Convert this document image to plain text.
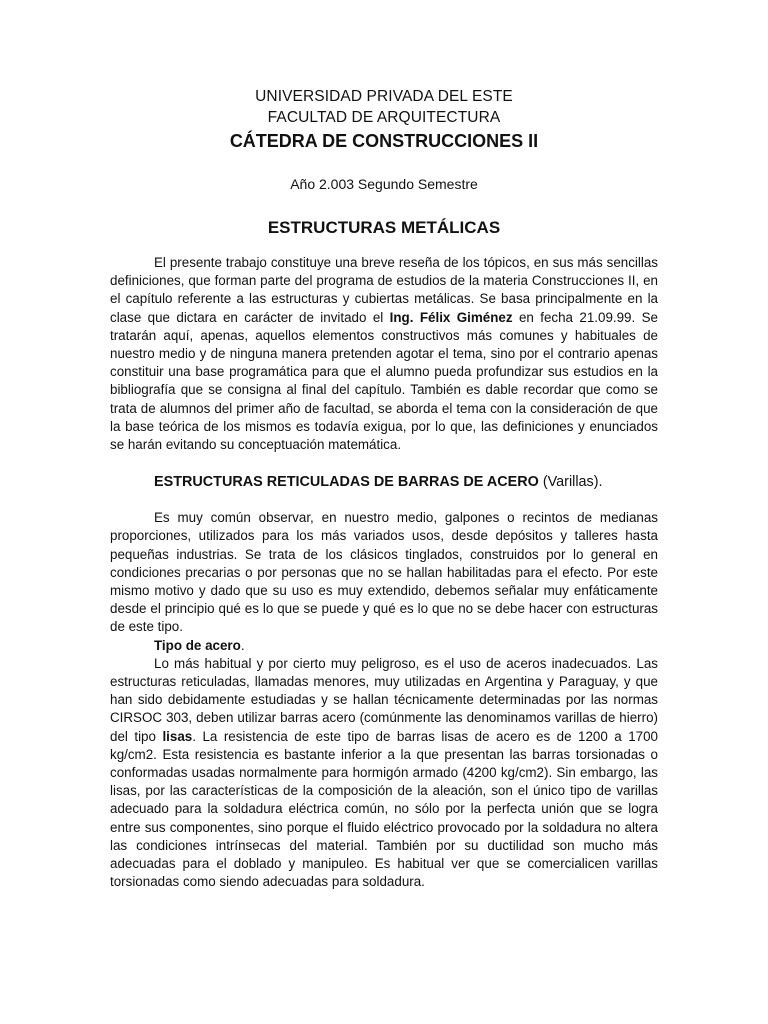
UNIVERSIDAD PRIVADA DEL ESTE
FACULTAD DE ARQUITECTURA
CÁTEDRA DE CONSTRUCCIONES II
Año 2.003 Segundo Semestre
ESTRUCTURAS METÁLICAS

El presente trabajo constituye una breve reseña de los tópicos, en sus más sencillas definiciones, que forman parte del programa de estudios de la materia Construcciones II, en el capítulo referente a las estructuras y cubiertas metálicas. Se basa principalmente en la clase que dictara en carácter de invitado el Ing. Félix Giménez en fecha 21.09.99. Se tratarán aquí, apenas, aquellos elementos constructivos más comunes y habituales de nuestro medio y de ninguna manera pretenden agotar el tema, sino por el contrario apenas constituir una base programática para que el alumno pueda profundizar sus estudios en la bibliografía que se consigna al final del capítulo. También es dable recordar que como se trata de alumnos del primer año de facultad, se aborda el tema con la consideración de que la base teórica de los mismos es todavía exigua, por lo que, las definiciones y enunciados se harán evitando su conceptuación matemática.

ESTRUCTURAS RETICULADAS DE BARRAS DE ACERO (Varillas).

Es muy común observar, en nuestro medio, galpones o recintos de medianas proporciones, utilizados para los más variados usos, desde depósitos y talleres hasta pequeñas industrias. Se trata de los clásicos tinglados, construidos por lo general en condiciones precarias o por personas que no se hallan habilitadas para el efecto. Por este mismo motivo y dado que su uso es muy extendido, debemos señalar muy enfáticamente desde el principio qué es lo que se puede y qué es lo que no se debe hacer con estructuras de este tipo.

Tipo de acero.

Lo más habitual y por cierto muy peligroso, es el uso de aceros inadecuados. Las estructuras reticuladas, llamadas menores, muy utilizadas en Argentina y Paraguay, y que han sido debidamente estudiadas y se hallan técnicamente determinadas por las normas CIRSOC 303, deben utilizar barras acero (comúnmente las denominamos varillas de hierro) del tipo lisas. La resistencia de este tipo de barras lisas de acero es de 1200 a 1700 kg/cm2. Esta resistencia es bastante inferior a la que presentan las barras torsionadas o conformadas usadas normalmente para hormigón armado (4200 kg/cm2). Sin embargo, las lisas, por las características de la composición de la aleación, son el único tipo de varillas adecuado para la soldadura eléctrica común, no sólo por la perfecta unión que se logra entre sus componentes, sino porque el fluido eléctrico provocado por la soldadura no altera las condiciones intrínsecas del material. También por su ductilidad son mucho más adecuadas para el doblado y manipuleo. Es habitual ver que se comercialicen varillas torsionadas como siendo adecuadas para soldadura.
